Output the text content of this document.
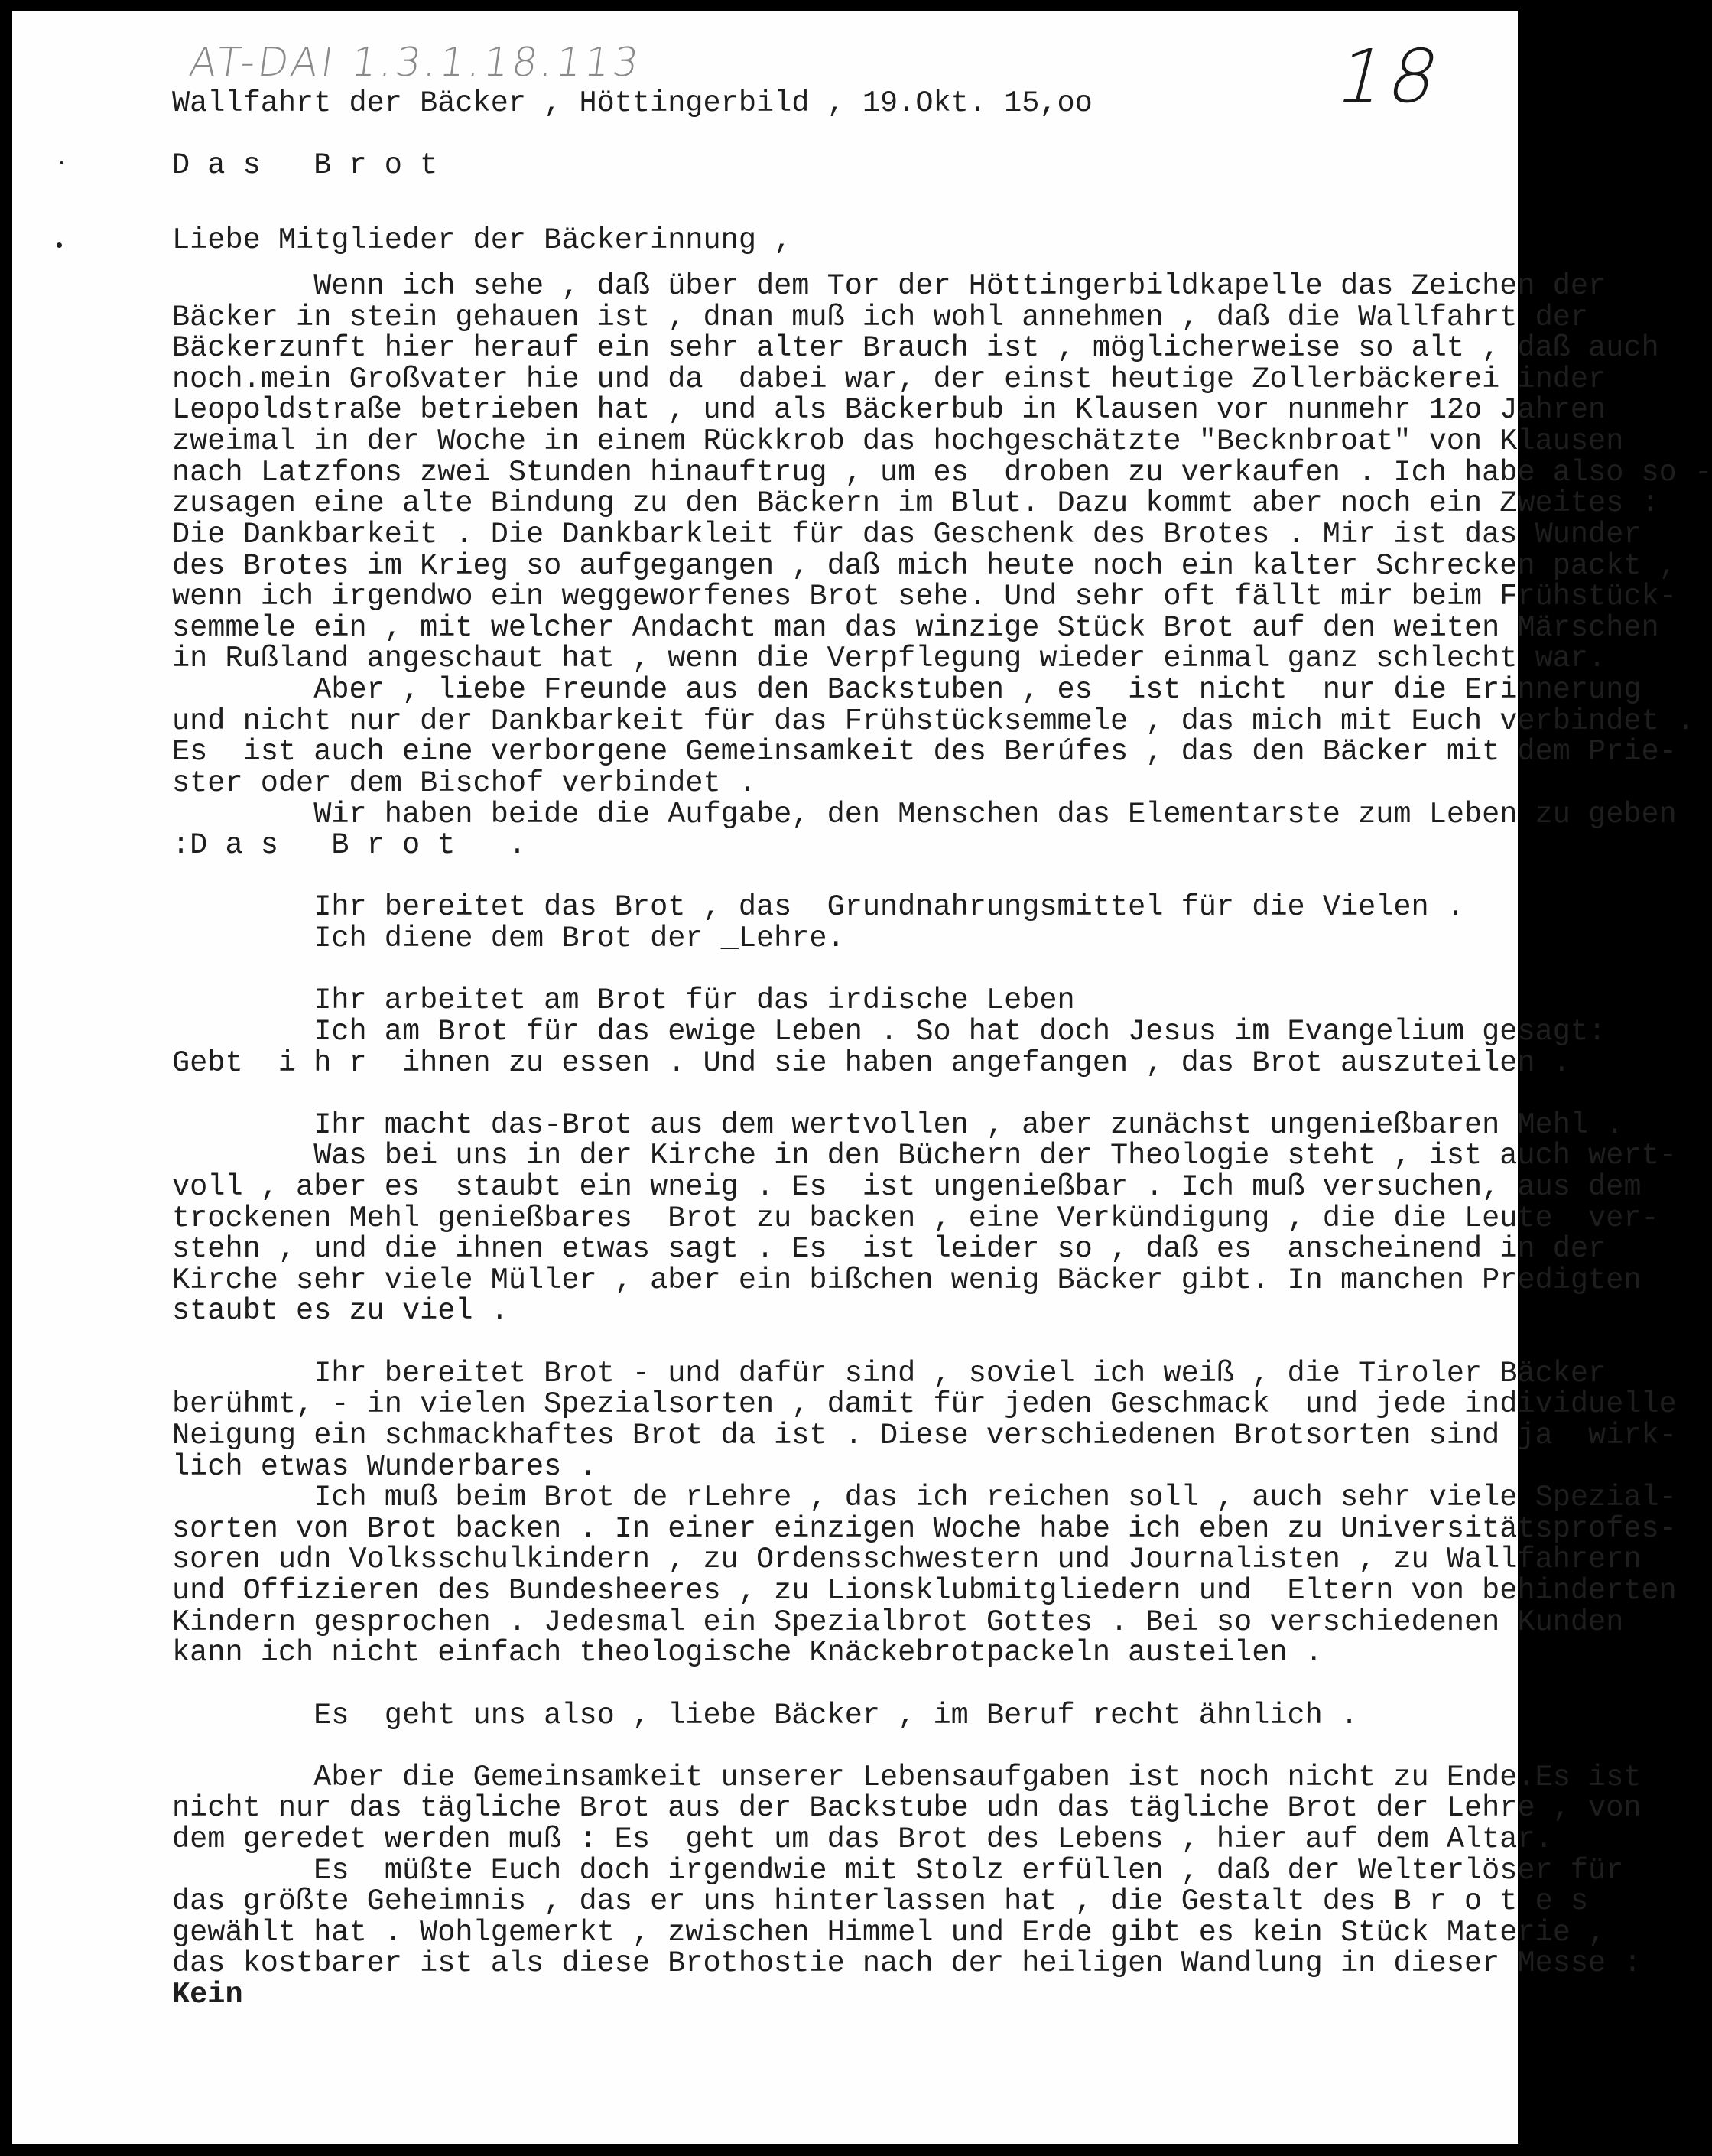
AT-DAI 1.3.1.18.113	18

Wallfahrt der Bäcker , Höttingerbild , 19.Okt. 15,oo

D a s   B r o t

Liebe Mitglieder der Bäckerinnung ,

Wenn ich sehe , daß über dem Tor der Höttingerbildkapelle das Zeichen der
Bäcker in stein gehauen ist , dnan muß ich wohl annehmen , daß die Wallfahrt der
Bäckerzunft hier herauf ein sehr alter Brauch ist , möglicherweise so alt , daß auch
noch.mein Großvater hie und da  dabei war, der einst heutige Zollerbäckerei inder
Leopoldstraße betrieben hat , und als Bäckerbub in Klausen vor nunmehr 12o Jahren
zweimal in der Woche in einem Rückkrob das hochgeschätzte "Becknbroat" von Klausen
nach Latzfons zwei Stunden hinauftrug , um es  droben zu verkaufen . Ich habe also so -
zusagen eine alte Bindung zu den Bäckern im Blut. Dazu kommt aber noch ein Zweites :
Die Dankbarkeit . Die Dankbarkleit für das Geschenk des Brotes . Mir ist das Wunder
des Brotes im Krieg so aufgegangen , daß mich heute noch ein kalter Schrecken packt ,
wenn ich irgendwo ein weggeworfenes Brot sehe. Und sehr oft fällt mir beim Frühstück-
semmele ein , mit welcher Andacht man das winzige Stück Brot auf den weiten Märschen
in Rußland angeschaut hat , wenn die Verpflegung wieder einmal ganz schlecht war.
Aber , liebe Freunde aus den Backstuben , es  ist nicht  nur die Erinnerung
und nicht nur der Dankbarkeit für das Frühstücksemmele , das mich mit Euch verbindet .
Es  ist auch eine verborgene Gemeinsamkeit des Berúfes , das den Bäcker mit dem Prie-
ster oder dem Bischof verbindet .
Wir haben beide die Aufgabe, den Menschen das Elementarste zum Leben zu geben
:D a s   B r o t   .
Ihr bereitet das Brot , das  Grundnahrungsmittel für die Vielen .
Ich diene dem Brot der _Lehre.
Ihr arbeitet am Brot für das irdische Leben
Ich am Brot für das ewige Leben . So hat doch Jesus im Evangelium gesagt:
Gebt  i h r  ihnen zu essen . Und sie haben angefangen , das Brot auszuteilen .
Ihr macht das-Brot aus dem wertvollen , aber zunächst ungenießbaren Mehl .
Was bei uns in der Kirche in den Büchern der Theologie steht , ist auch wert-
voll , aber es  staubt ein wneig . Es  ist ungenießbar . Ich muß versuchen, aus dem
trockenen Mehl genießbares  Brot zu backen , eine Verkündigung , die die Leute  ver-
stehn , und die ihnen etwas sagt . Es  ist leider so , daß es  anscheinend in der
Kirche sehr viele Müller , aber ein bißchen wenig Bäcker gibt. In manchen Predigten
staubt es zu viel .
Ihr bereitet Brot - und dafür sind , soviel ich weiß , die Tiroler Bäcker
berühmt, - in vielen Spezialsorten , damit für jeden Geschmack  und jede individuelle
Neigung ein schmackhaftes Brot da ist . Diese verschiedenen Brotsorten sind ja  wirk-
lich etwas Wunderbares .
Ich muß beim Brot de rLehre , das ich reichen soll , auch sehr viele Spezial-
sorten von Brot backen . In einer einzigen Woche habe ich eben zu Universitätsprofes-
soren udn Volksschulkindern , zu Ordensschwestern und Journalisten , zu Wallfahrern
und Offizieren des Bundesheeres , zu Lionsklubmitgliedern und  Eltern von behinderten
Kindern gesprochen . Jedesmal ein Spezialbrot Gottes . Bei so verschiedenen Kunden
kann ich nicht einfach theologische Knäckebrotpackeln austeilen .
Es  geht uns also , liebe Bäcker , im Beruf recht ähnlich .
Aber die Gemeinsamkeit unserer Lebensaufgaben ist noch nicht zu Ende.Es ist
nicht nur das tägliche Brot aus der Backstube udn das tägliche Brot der Lehre , von
dem geredet werden muß : Es  geht um das Brot des Lebens , hier auf dem Altar.
Es  müßte Euch doch irgendwie mit Stolz erfüllen , daß der Welterlöser für
das größte Geheimnis , das er uns hinterlassen hat , die Gestalt des B r o t e s
gewählt hat . Wohlgemerkt , zwischen Himmel und Erde gibt es kein Stück Materie ,
das kostbarer ist als diese Brothostie nach der heiligen Wandlung in dieser Messe :

Kein
